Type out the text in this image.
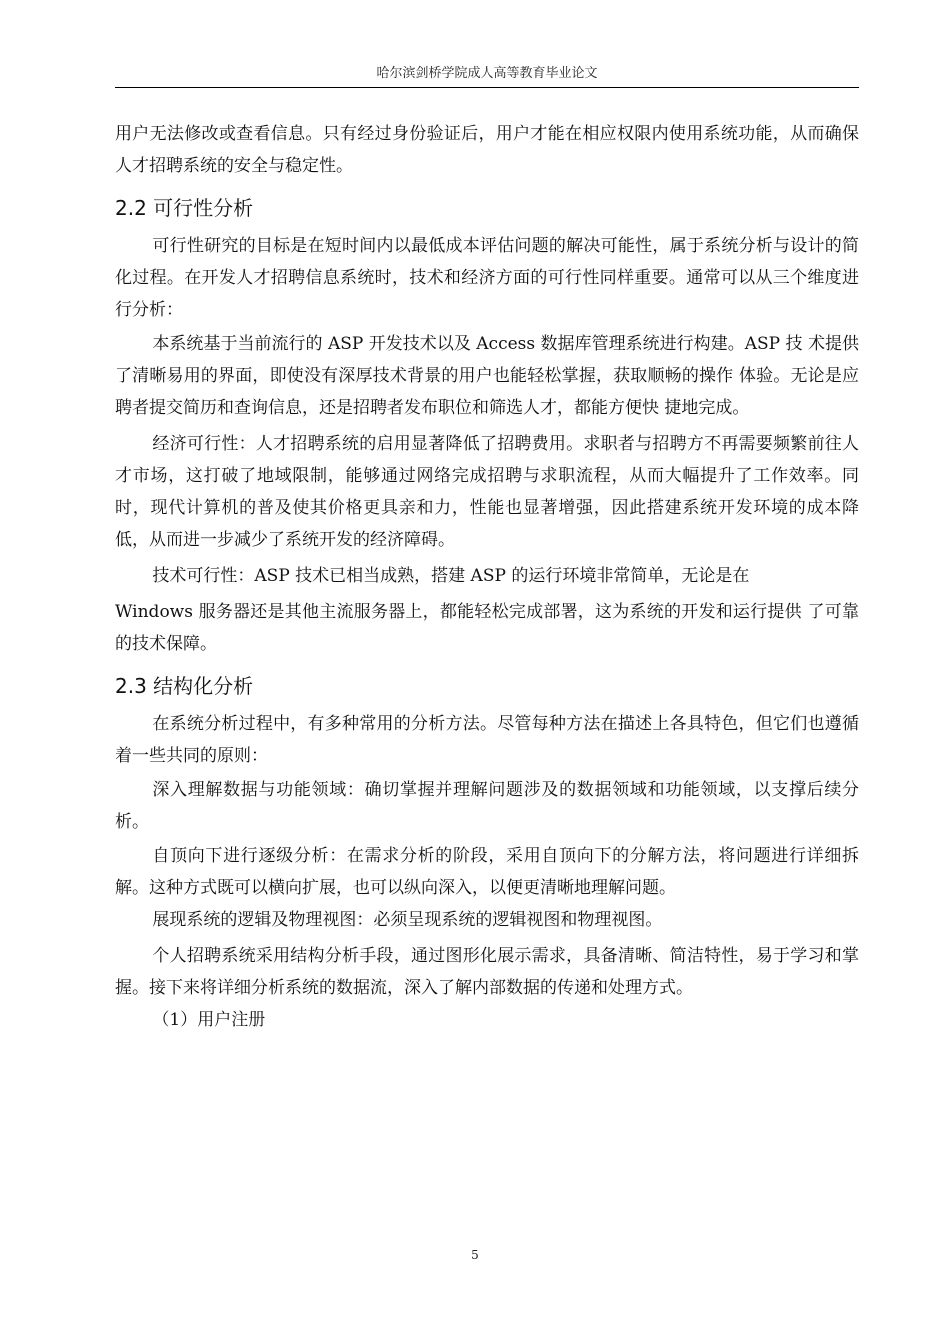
哈尔滨剑桥学院成人高等教育毕业论文

用户无法修改或查看信息。只有经过身份验证后，用户才能在相应权限内使用系统功能，从而确保人才招聘系统的安全与稳定性。

2.2 可行性分析

可行性研究的目标是在短时间内以最低成本评估问题的解决可能性，属于系统分析与设计的简化过程。在开发人才招聘信息系统时，技术和经济方面的可行性同样重要。通常可以从三个维度进行分析：

本系统基于当前流行的 ASP 开发技术以及 Access 数据库管理系统进行构建。ASP 技 术提供了清晰易用的界面，即使没有深厚技术背景的用户也能轻松掌握，获取顺畅的操作 体验。无论是应聘者提交简历和查询信息，还是招聘者发布职位和筛选人才，都能方便快 捷地完成。

经济可行性：人才招聘系统的启用显著降低了招聘费用。求职者与招聘方不再需要频繁前往人才市场，这打破了地域限制，能够通过网络完成招聘与求职流程，从而大幅提升了工作效率。同时，现代计算机的普及使其价格更具亲和力，性能也显著增强，因此搭建系统开发环境的成本降低，从而进一步减少了系统开发的经济障碍。

技术可行性：ASP 技术已相当成熟，搭建 ASP 的运行环境非常简单，无论是在

Windows 服务器还是其他主流服务器上，都能轻松完成部署，这为系统的开发和运行提供 了可靠的技术保障。

2.3 结构化分析

在系统分析过程中，有多种常用的分析方法。尽管每种方法在描述上各具特色，但它们也遵循着一些共同的原则：

深入理解数据与功能领域：确切掌握并理解问题涉及的数据领域和功能领域，以支撑后续分析。

自顶向下进行逐级分析：在需求分析的阶段，采用自顶向下的分解方法，将问题进行详细拆解。这种方式既可以横向扩展，也可以纵向深入，以便更清晰地理解问题。

展现系统的逻辑及物理视图：必须呈现系统的逻辑视图和物理视图。

个人招聘系统采用结构分析手段，通过图形化展示需求，具备清晰、简洁特性，易于学习和掌握。接下来将详细分析系统的数据流，深入了解内部数据的传递和处理方式。

（1）用户注册

5
